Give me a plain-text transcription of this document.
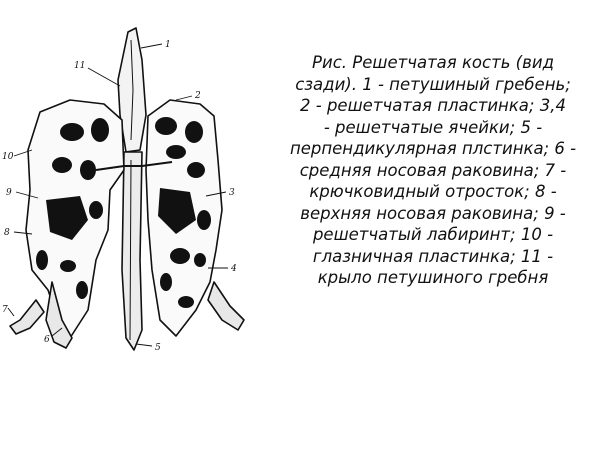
1
11
2
10
9	3
8
4
7
6
5
Рис. Решетчатая кость (вид
сзади). 1 - петушиный гребень;
2 - решетчатая пластинка; 3,4
- решетчатые ячейки; 5 -
перпендикулярная плстинка; 6 -
средняя носовая раковина; 7 -
крючковидный отросток; 8 -
верхняя носовая раковина; 9 -
решетчатый лабиринт; 10 -
глазничная пластинка; 11 -
крыло петушиного гребня
